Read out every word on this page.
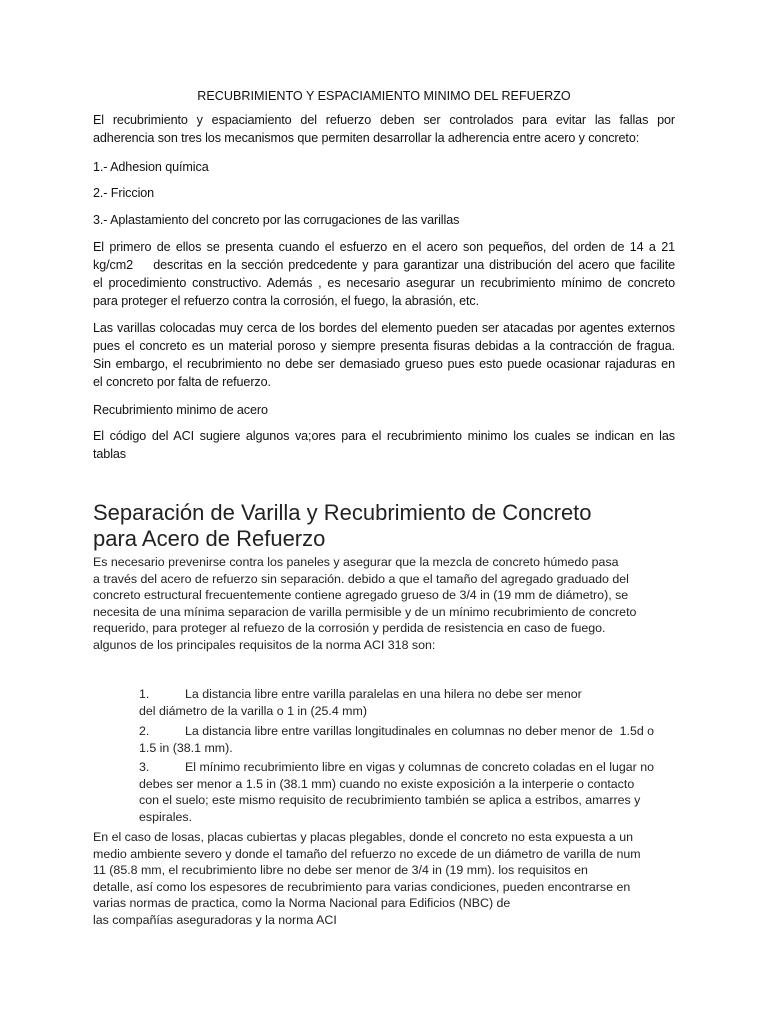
RECUBRIMIENTO Y ESPACIAMIENTO MINIMO DEL REFUERZO

El recubrimiento y espaciamiento del refuerzo deben ser controlados para evitar las fallas por
adherencia son tres los mecanismos que permiten desarrollar la adherencia entre acero y concreto:

1.- Adhesion química

2.- Friccion

3.- Aplastamiento del concreto por las corrugaciones de las varillas

El primero de ellos se presenta cuando el esfuerzo en el acero son pequeños, del orden de 14 a 21
kg/cm2    descritas en la sección predcedente y para garantizar una distribución del acero que facilite
el procedimiento constructivo. Además , es necesario asegurar un recubrimiento mínimo de concreto
para proteger el refuerzo contra la corrosión, el fuego, la abrasión, etc.

Las varillas colocadas muy cerca de los bordes del elemento pueden ser atacadas por agentes externos
pues el concreto es un material poroso y siempre presenta fisuras debidas a la contracción de fragua.
Sin embargo, el recubrimiento no debe ser demasiado grueso pues esto puede ocasionar rajaduras en
el concreto por falta de refuerzo.

Recubrimiento minimo de acero

El código del ACI sugiere algunos va;ores para el recubrimiento minimo los cuales se indican en las
tablas

Separación de Varilla y Recubrimiento de Concreto
para Acero de Refuerzo

Es necesario prevenirse contra los paneles y asegurar que la mezcla de concreto húmedo pasa
a través del acero de refuerzo sin separación. debido a que el tamaño del agregado graduado del
concreto estructural frecuentemente contiene agregado grueso de 3/4 in (19 mm de diámetro), se
necesita de una mínima separacion de varilla permisible y de un mínimo recubrimiento de concreto
requerido, para proteger al refuezo de la corrosión y perdida de resistencia en caso de fuego.
algunos de los principales requisitos de la norma ACI 318 son:

1.	La distancia libre entre varilla paralelas en una hilera no debe ser menor
del diámetro de la varilla o 1 in (25.4 mm)

2.	La distancia libre entre varillas longitudinales en columnas no deber menor de  1.5d o
1.5 in (38.1 mm).

3.	El mínimo recubrimiento libre en vigas y columnas de concreto coladas en el lugar no
debes ser menor a 1.5 in (38.1 mm) cuando no existe exposición a la interperie o contacto
con el suelo; este mismo requisito de recubrimiento también se aplica a estribos, amarres y
espirales.

En el caso de losas, placas cubiertas y placas plegables, donde el concreto no esta expuesta a un
medio ambiente severo y donde el tamaño del refuerzo no excede de un diámetro de varilla de num
11 (85.8 mm, el recubrimiento libre no debe ser menor de 3/4 in (19 mm). los requisitos en
detalle, así como los espesores de recubrimiento para varias condiciones, pueden encontrarse en
varias normas de practica, como la Norma Nacional para Edificios (NBC) de
las compañías aseguradoras y la norma ACI
